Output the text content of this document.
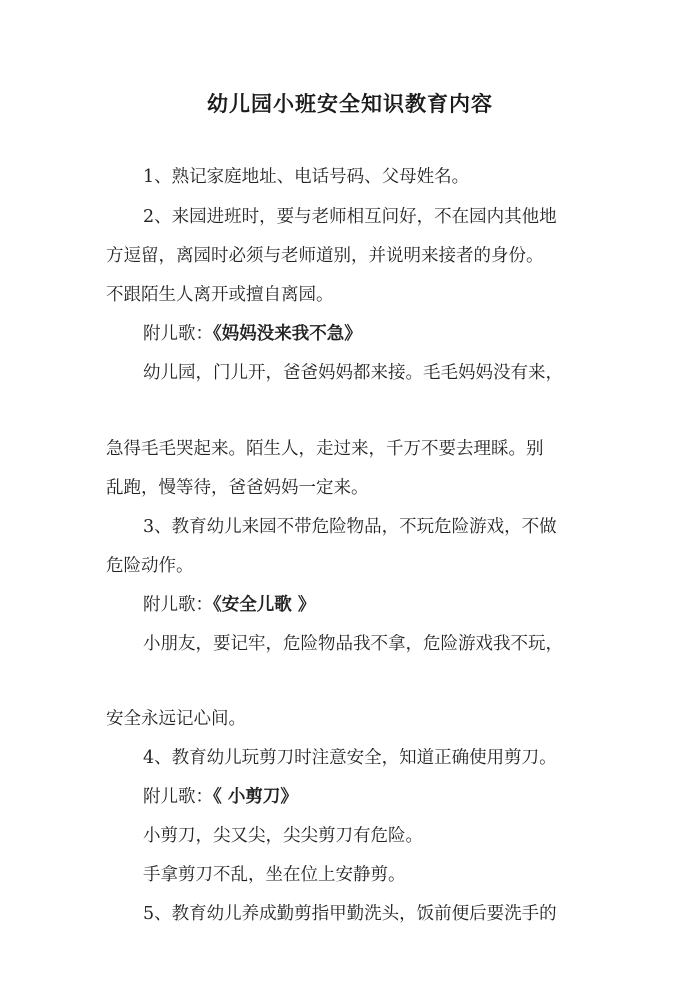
幼儿园小班安全知识教育内容
1、熟记家庭地址、电话号码、父母姓名。
2、来园进班时，要与老师相互问好，不在园内其他地
方逗留，离园时必须与老师道别，并说明来接者的身份。
不跟陌生人离开或擅自离园。
附儿歌：《妈妈没来我不急》
幼儿园，门儿开，爸爸妈妈都来接。毛毛妈妈没有来，
急得毛毛哭起来。陌生人，走过来，千万不要去理睬。别
乱跑，慢等待，爸爸妈妈一定来。
3、教育幼儿来园不带危险物品，不玩危险游戏，不做
危险动作。
附儿歌：《安全儿歌 》
小朋友，要记牢，危险物品我不拿，危险游戏我不玩，
安全永远记心间。
4、教育幼儿玩剪刀时注意安全，知道正确使用剪刀。
附儿歌：《 小剪刀》
小剪刀，尖又尖，尖尖剪刀有危险。
手拿剪刀不乱，坐在位上安静剪。
5、教育幼儿养成勤剪指甲勤洗头，饭前便后要洗手的
